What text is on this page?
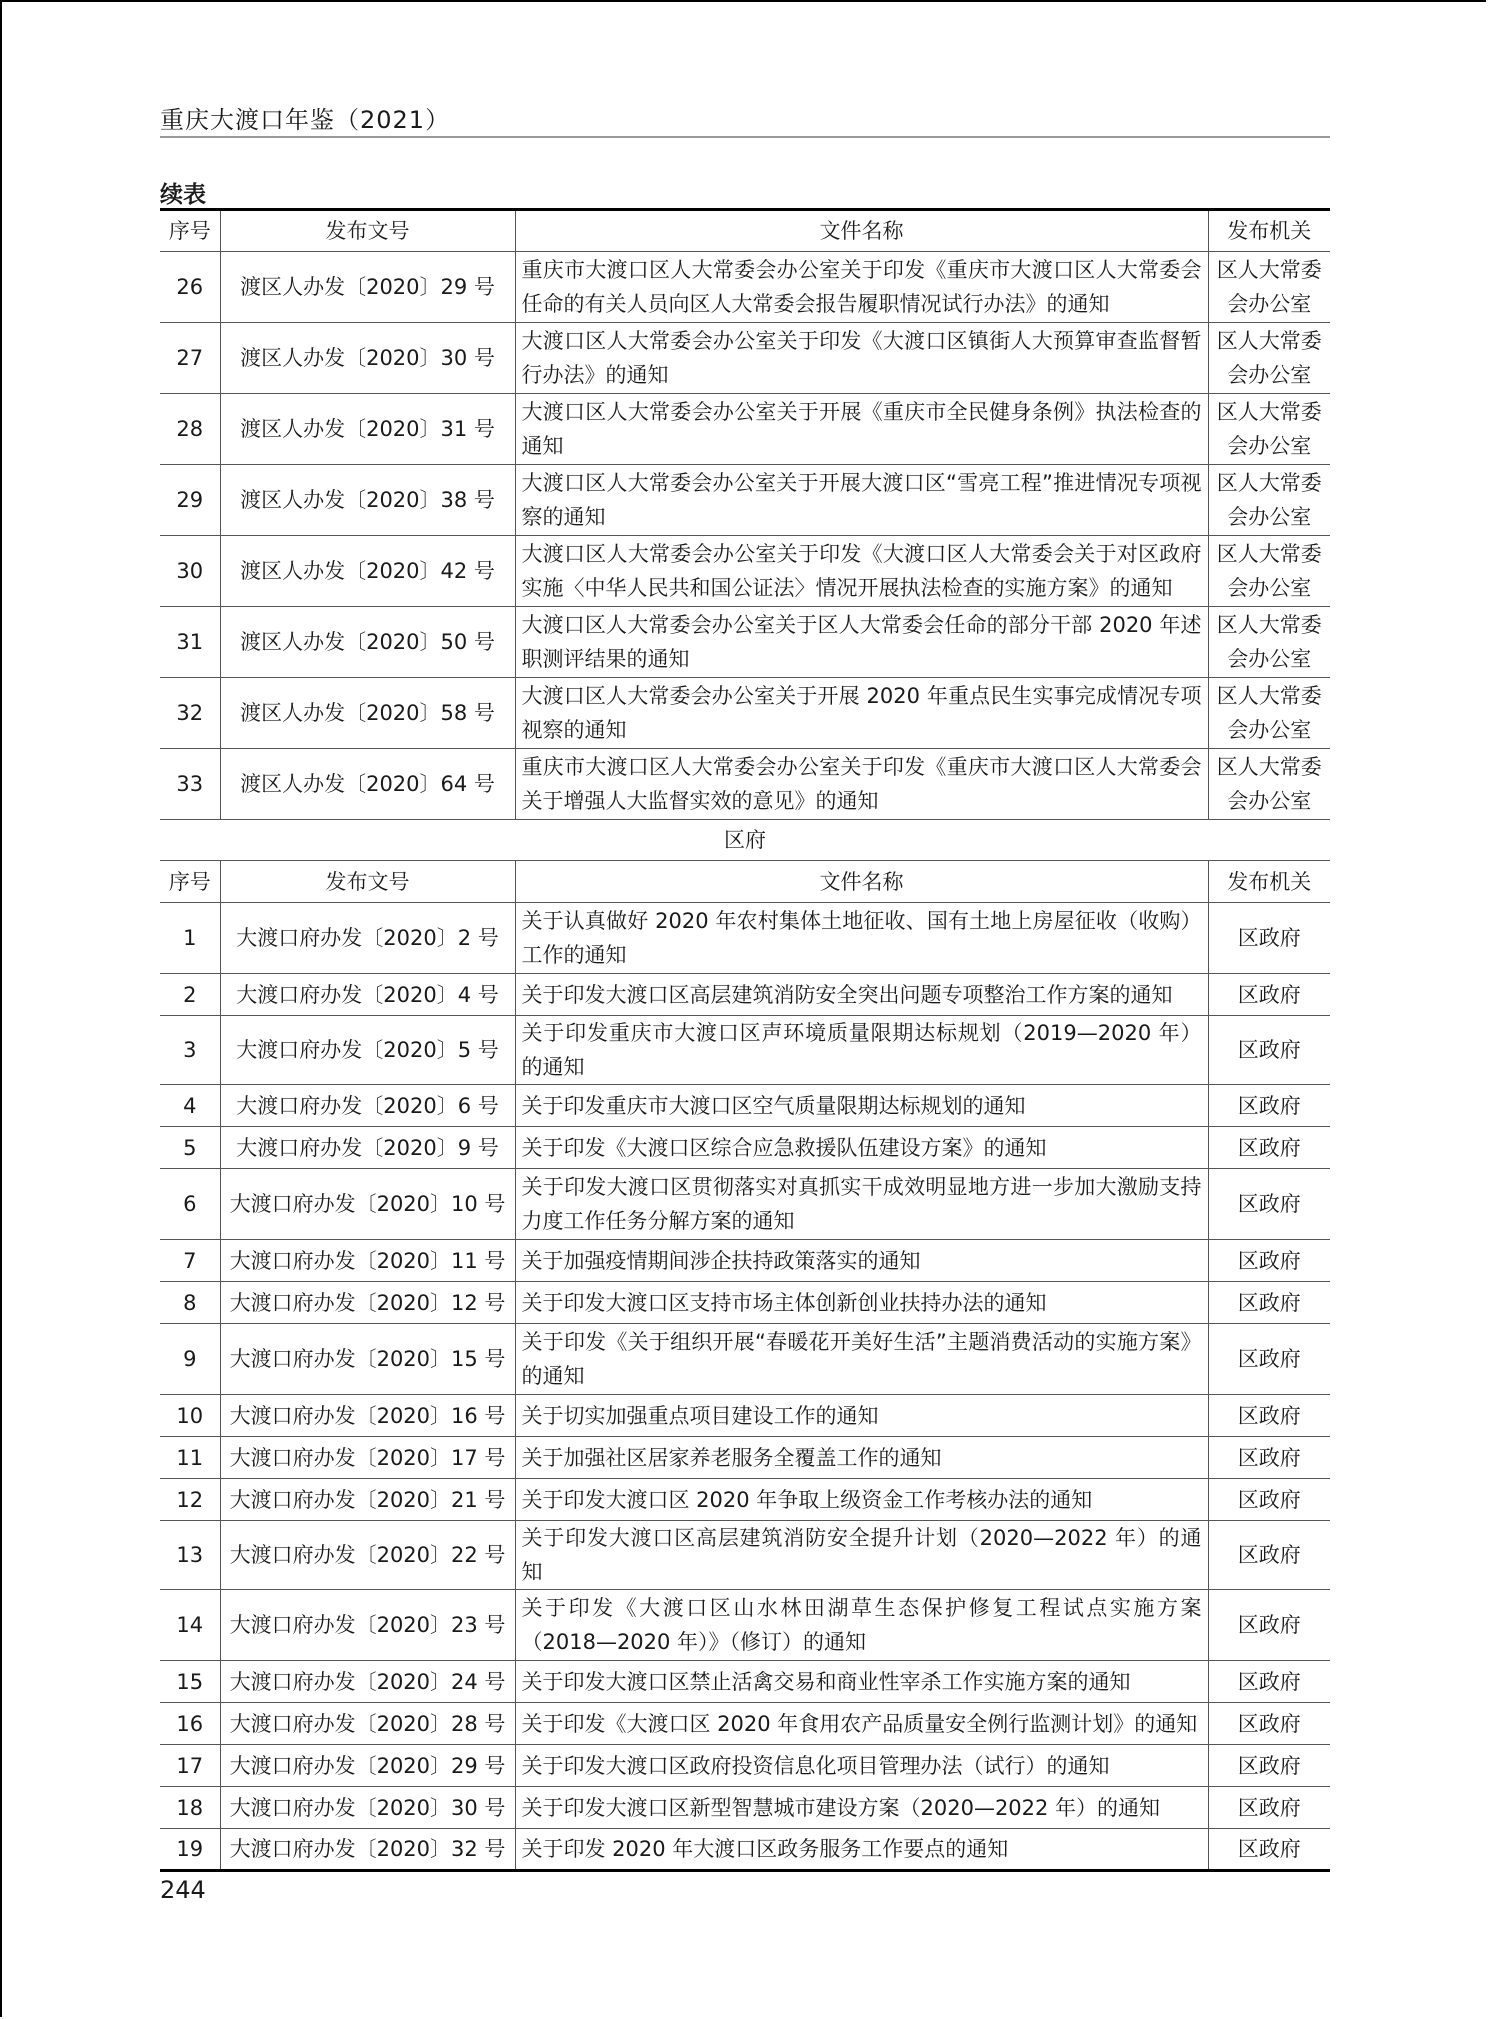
重庆大渡口年鉴（2021）
续表
序号	发布文号	文件名称	发布机关
26	渡区人办发〔2020〕29 号	重庆市大渡口区人大常委会办公室关于印发《重庆市大渡口区人大常委会任命的有关人员向区人大常委会报告履职情况试行办法》的通知	区人大常委会办公室
27	渡区人办发〔2020〕30 号	大渡口区人大常委会办公室关于印发《大渡口区镇街人大预算审查监督暂行办法》的通知	区人大常委会办公室
28	渡区人办发〔2020〕31 号	大渡口区人大常委会办公室关于开展《重庆市全民健身条例》执法检查的通知	区人大常委会办公室
29	渡区人办发〔2020〕38 号	大渡口区人大常委会办公室关于开展大渡口区“雪亮工程”推进情况专项视察的通知	区人大常委会办公室
30	渡区人办发〔2020〕42 号	大渡口区人大常委会办公室关于印发《大渡口区人大常委会关于对区政府实施〈中华人民共和国公证法〉情况开展执法检查的实施方案》的通知	区人大常委会办公室
31	渡区人办发〔2020〕50 号	大渡口区人大常委会办公室关于区人大常委会任命的部分干部 2020 年述职测评结果的通知	区人大常委会办公室
32	渡区人办发〔2020〕58 号	大渡口区人大常委会办公室关于开展 2020 年重点民生实事完成情况专项视察的通知	区人大常委会办公室
33	渡区人办发〔2020〕64 号	重庆市大渡口区人大常委会办公室关于印发《重庆市大渡口区人大常委会关于增强人大监督实效的意见》的通知	区人大常委会办公室
区府			
序号	发布文号	文件名称	发布机关
1	大渡口府办发〔2020〕2 号	关于认真做好 2020 年农村集体土地征收、国有土地上房屋征收（收购）工作的通知	区政府
2	大渡口府办发〔2020〕4 号	关于印发大渡口区高层建筑消防安全突出问题专项整治工作方案的通知	区政府
3	大渡口府办发〔2020〕5 号	关于印发重庆市大渡口区声环境质量限期达标规划（2019—2020 年）的通知	区政府
4	大渡口府办发〔2020〕6 号	关于印发重庆市大渡口区空气质量限期达标规划的通知	区政府
5	大渡口府办发〔2020〕9 号	关于印发《大渡口区综合应急救援队伍建设方案》的通知	区政府
6	大渡口府办发〔2020〕10 号	关于印发大渡口区贯彻落实对真抓实干成效明显地方进一步加大激励支持力度工作任务分解方案的通知	区政府
7	大渡口府办发〔2020〕11 号	关于加强疫情期间涉企扶持政策落实的通知	区政府
8	大渡口府办发〔2020〕12 号	关于印发大渡口区支持市场主体创新创业扶持办法的通知	区政府
9	大渡口府办发〔2020〕15 号	关于印发《关于组织开展“春暖花开美好生活”主题消费活动的实施方案》的通知	区政府
10	大渡口府办发〔2020〕16 号	关于切实加强重点项目建设工作的通知	区政府
11	大渡口府办发〔2020〕17 号	关于加强社区居家养老服务全覆盖工作的通知	区政府
12	大渡口府办发〔2020〕21 号	关于印发大渡口区 2020 年争取上级资金工作考核办法的通知	区政府
13	大渡口府办发〔2020〕22 号	关于印发大渡口区高层建筑消防安全提升计划（2020—2022 年）的通知	区政府
14	大渡口府办发〔2020〕23 号	关于印发《大渡口区山水林田湖草生态保护修复工程试点实施方案（2018—2020 年）》（修订）的通知	区政府
15	大渡口府办发〔2020〕24 号	关于印发大渡口区禁止活禽交易和商业性宰杀工作实施方案的通知	区政府
16	大渡口府办发〔2020〕28 号	关于印发《大渡口区 2020 年食用农产品质量安全例行监测计划》的通知	区政府
17	大渡口府办发〔2020〕29 号	关于印发大渡口区政府投资信息化项目管理办法（试行）的通知	区政府
18	大渡口府办发〔2020〕30 号	关于印发大渡口区新型智慧城市建设方案（2020—2022 年）的通知	区政府
19	大渡口府办发〔2020〕32 号	关于印发 2020 年大渡口区政务服务工作要点的通知	区政府
244
